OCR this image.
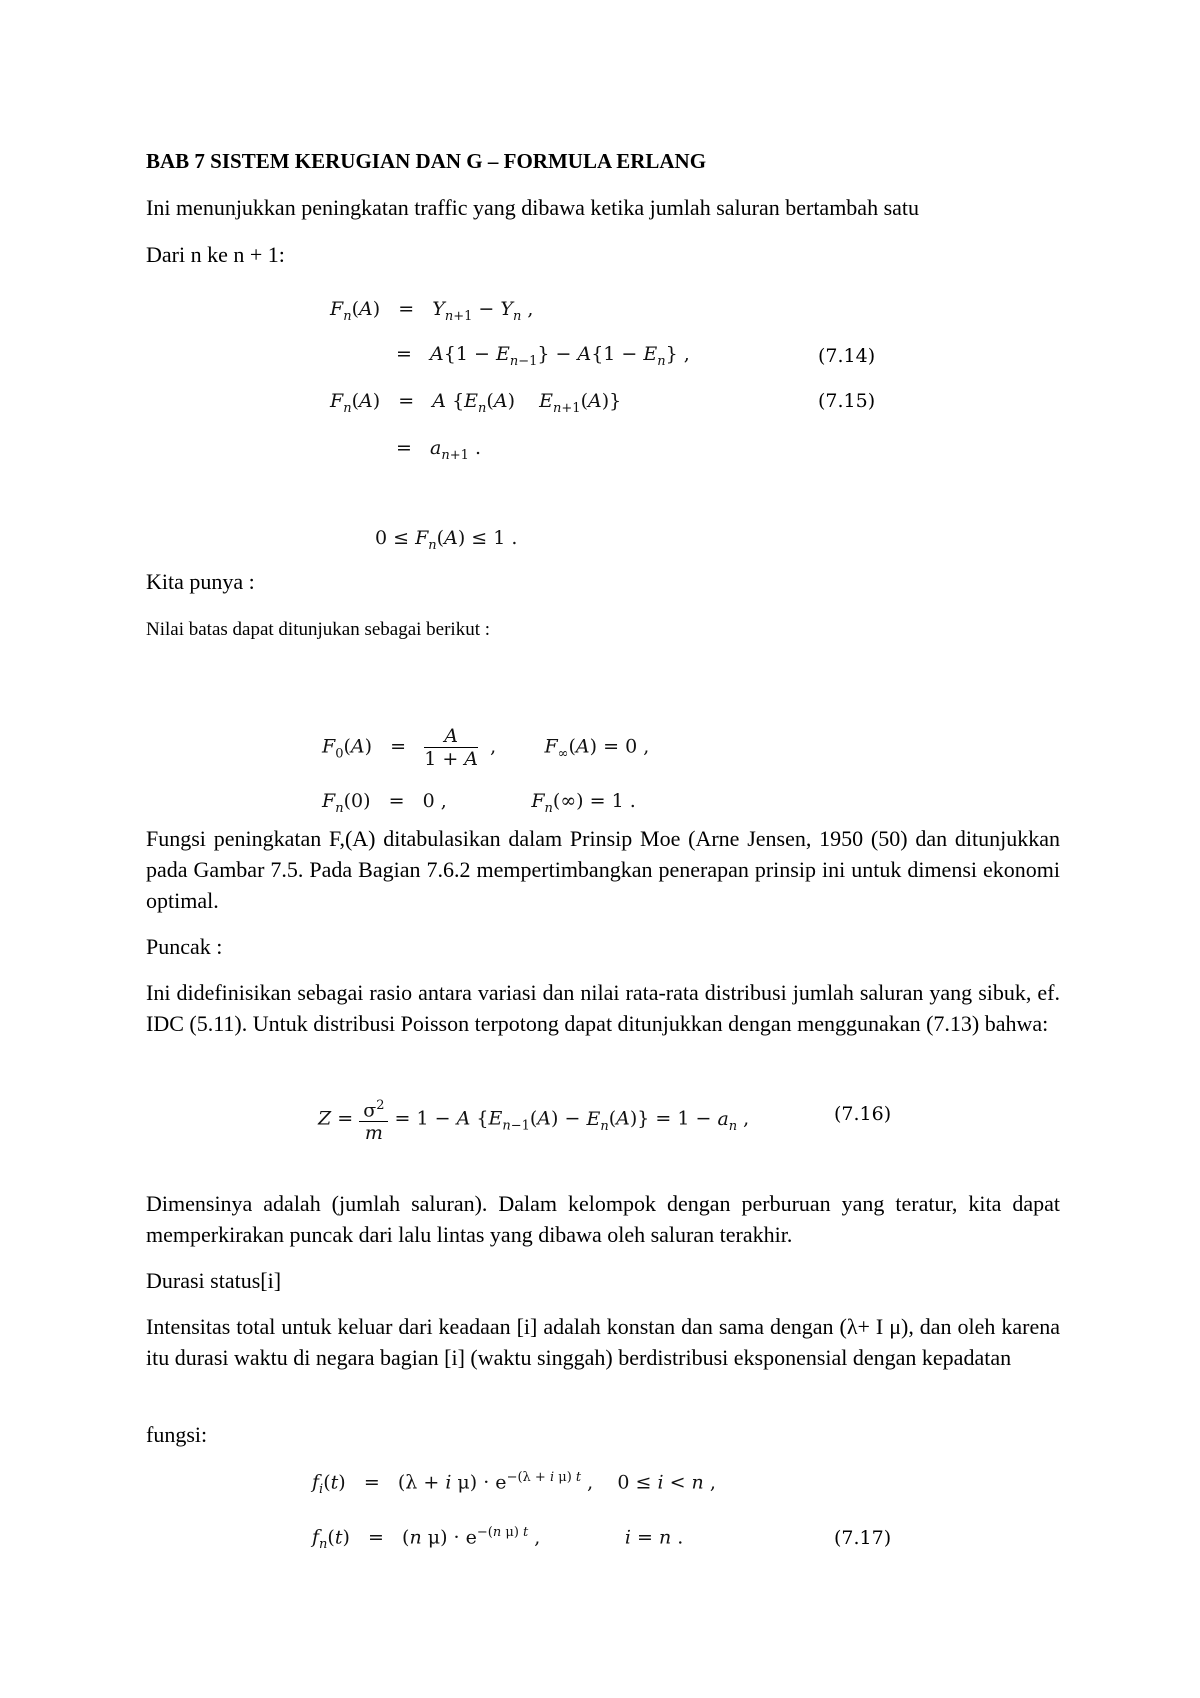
BAB 7 SISTEM KERUGIAN DAN G – FORMULA ERLANG

Ini menunjukkan peningkatan traffic yang dibawa ketika jumlah saluran bertambah satu

Dari n ke n + 1:

$F_n(A) = Y_{n+1} - Y_n$ ,
=   $A\{1 - E_{n-1}\} - A\{1 - E_n\}$ ,	(7.14)
$F_n(A) = A$ {$E_n(A)$    $E_{n+1}(A)$}	(7.15)
=   $a_{n+1}$ .
$0 \le F_n(A) \le 1$ .

Kita punya :

Nilai batas dapat ditunjukan sebagai berikut :

$F_0(A) = \frac{A}{1 + A}$ ,        $F_\infty(A) = 0$ ,
$F_n(0) = 0$ ,              $F_n(\infty) = 1$ .

Fungsi peningkatan F,(A) ditabulasikan dalam Prinsip Moe (Arne Jensen, 1950 (50) dan ditunjukkan pada Gambar 7.5. Pada Bagian 7.6.2 mempertimbangkan penerapan prinsip ini untuk dimensi ekonomi optimal.

Puncak :

Ini didefinisikan sebagai rasio antara variasi dan nilai rata-rata distribusi jumlah saluran yang sibuk, ef. IDC (5.11). Untuk distribusi Poisson terpotong dapat ditunjukkan dengan menggunakan (7.13) bahwa:

$Z = \frac{\sigma^2}{m} = 1 - A$ $\{E_{n-1}(A) - E_n(A)\} = 1 - a_n$ ,	(7.16)

Dimensinya adalah (jumlah saluran). Dalam kelompok dengan perburuan yang teratur, kita dapat memperkirakan puncak dari lalu lintas yang dibawa oleh saluran terakhir.

Durasi status[i]

Intensitas total untuk keluar dari keadaan [i] adalah konstan dan sama dengan (λ+ I μ), dan oleh karena itu durasi waktu di negara bagian [i] (waktu singgah) berdistribusi eksponensial dengan kepadatan

fungsi:

$f_i(t) = (\lambda + i$ $\mu) \cdot e^{-(\lambda + i \mu) t}$ ,    0 ≤ i < n ,
$f_n(t) = (n$ $\mu) \cdot e^{-(n \mu) t}$ ,              i = n .	(7.17)
